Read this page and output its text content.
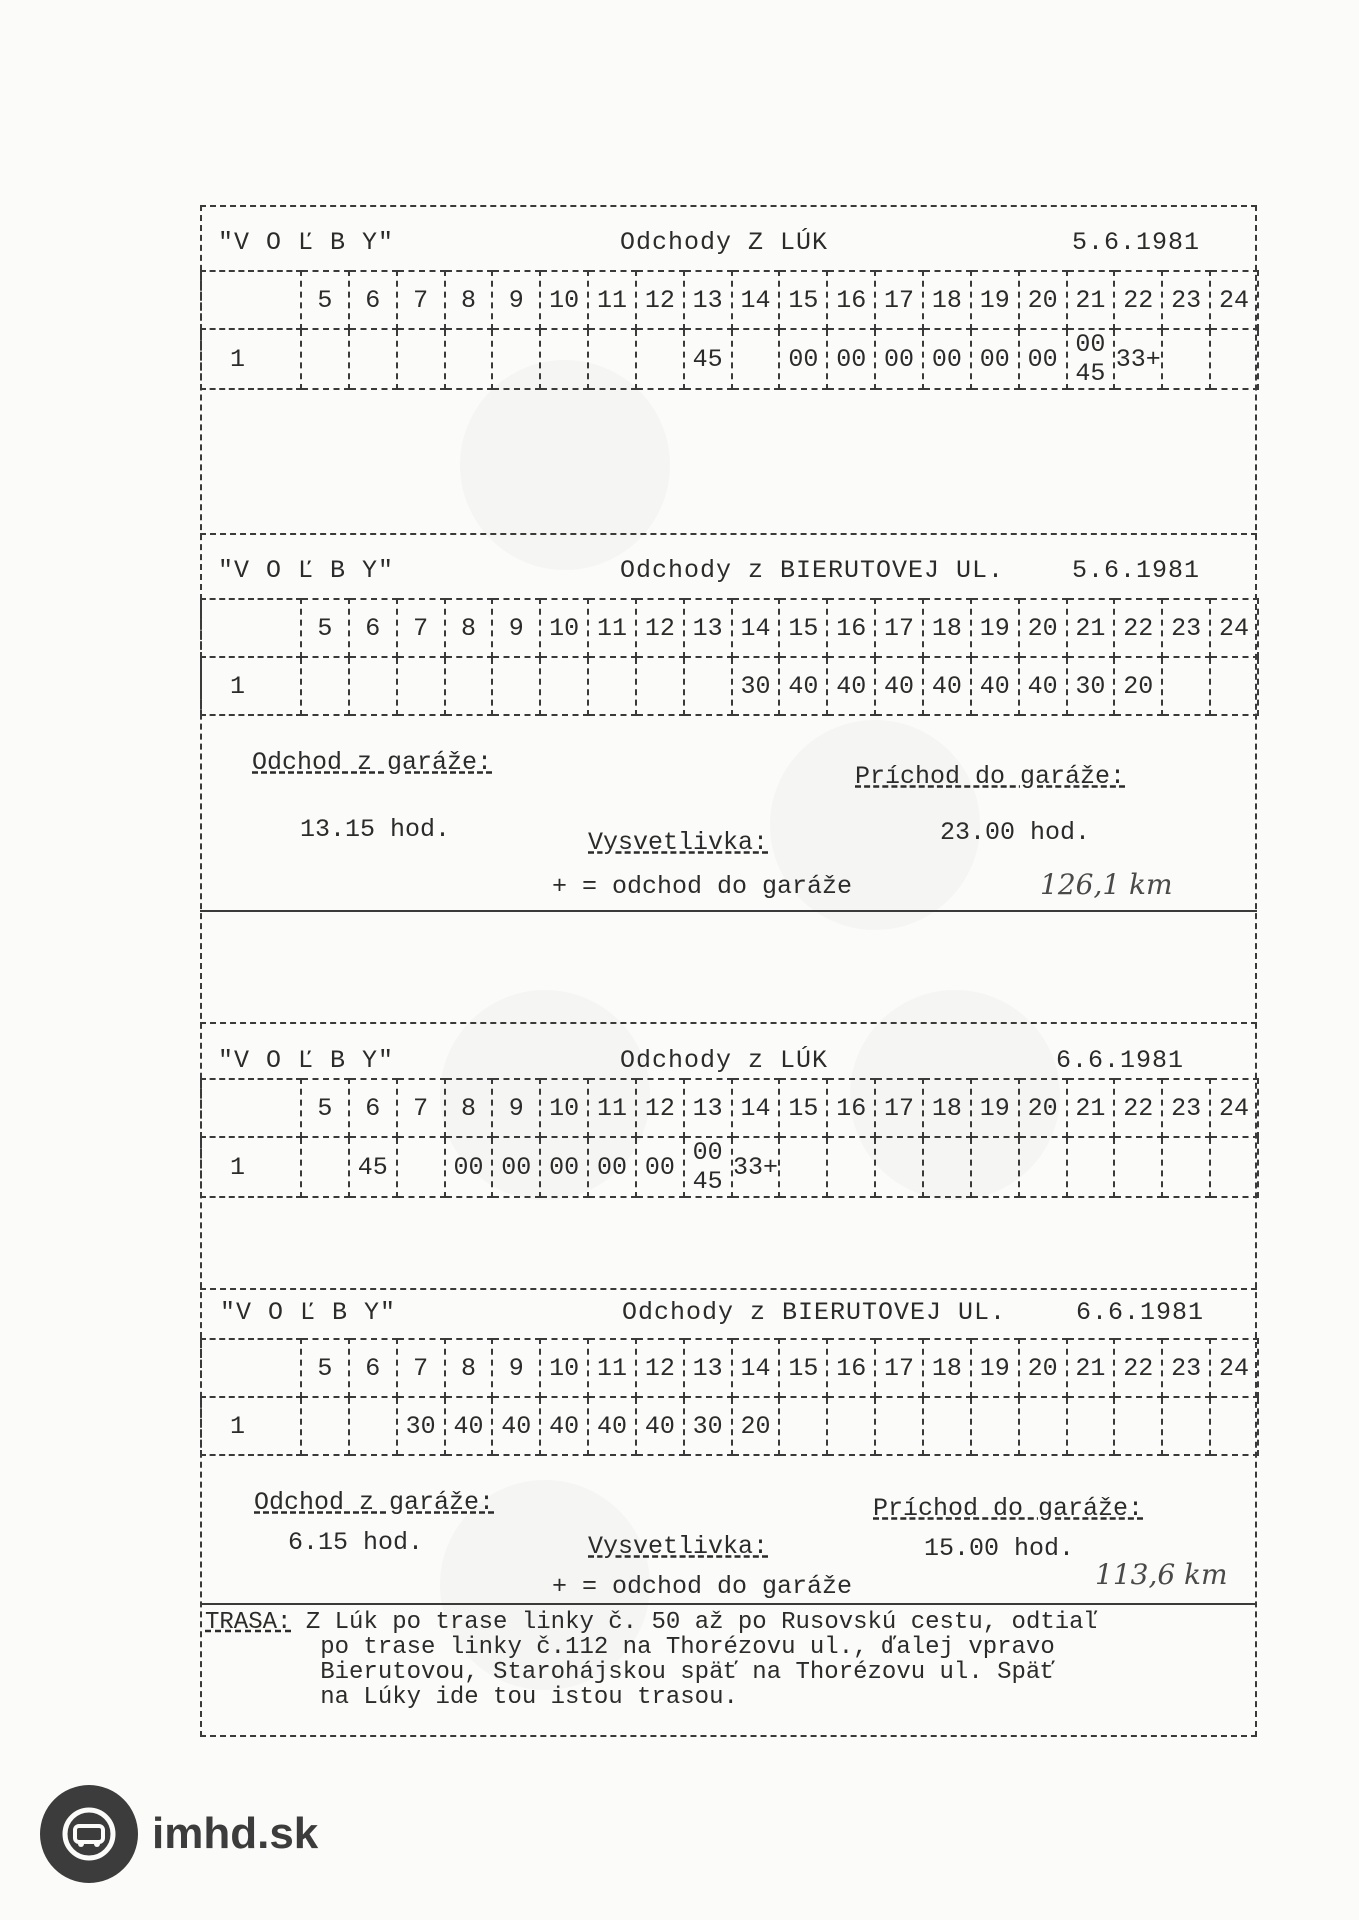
"V O Ľ B Y"	Odchody Z LÚK	5.6.1981
	5	6	7	8	9	10	11	12	13	14	15	16	17	18	19	20	21	22	23	24
1									45		00	00	00	00	00	00	00 45	33+		
"V O Ľ B Y"	Odchody z BIERUTOVEJ UL.	5.6.1981
	5	6	7	8	9	10	11	12	13	14	15	16	17	18	19	20	21	22	23	24
1										30	40	40	40	40	40	40	30	20		
Odchod z garáže:
13.15 hod.
Príchod do garáže:
23.00 hod.
Vysvetlivka:
+ = odchod do garáže	126,1 km
"V O Ľ B Y"	Odchody z LÚK	6.6.1981
	5	6	7	8	9	10	11	12	13	14	15	16	17	18	19	20	21	22	23	24
1		45		00	00	00	00	00	00 45	33+										
"V O Ľ B Y"	Odchody z BIERUTOVEJ UL.	6.6.1981
	5	6	7	8	9	10	11	12	13	14	15	16	17	18	19	20	21	22	23	24
1			30	40	40	40	40	40	30	20										
Odchod z garáže:
6.15 hod.
Príchod do garáže:
15.00 hod.
Vysvetlivka:
+ = odchod do garáže	113,6 km
TRASA: Z Lúk po trase linky č. 50 až po Rusovskú cestu, odtiaľ
po trase linky č.112 na Thorézovu ul., ďalej vpravo
Bierutovou, Starohájskou späť na Thorézovu ul. Späť
na Lúky ide tou istou trasou.
imhd.sk
